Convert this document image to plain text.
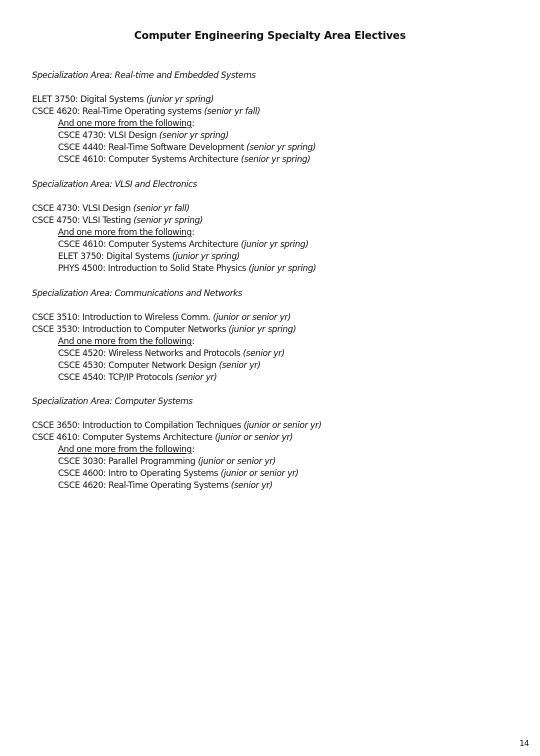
Computer Engineering Specialty Area Electives
Specialization Area: Real-time and Embedded Systems
ELET 3750: Digital Systems (junior yr spring)
CSCE 4620: Real-Time Operating systems (senior yr fall)
And one more from the following:
CSCE 4730: VLSI Design (senior yr spring)
CSCE 4440: Real-Time Software Development (senior yr spring)
CSCE 4610: Computer Systems Architecture (senior yr spring)
Specialization Area: VLSI and Electronics
CSCE 4730: VLSI Design (senior yr fall)
CSCE 4750: VLSI Testing (senior yr spring)
And one more from the following:
CSCE 4610: Computer Systems Architecture (junior yr spring)
ELET 3750: Digital Systems (junior yr spring)
PHYS 4500: Introduction to Solid State Physics (junior yr spring)
Specialization Area: Communications and Networks
CSCE 3510: Introduction to Wireless Comm. (junior or senior yr)
CSCE 3530: Introduction to Computer Networks (junior yr spring)
And one more from the following:
CSCE 4520: Wireless Networks and Protocols (senior yr)
CSCE 4530: Computer Network Design (senior yr)
CSCE 4540: TCP/IP Protocols (senior yr)
Specialization Area: Computer Systems
CSCE 3650: Introduction to Compilation Techniques (junior or senior yr)
CSCE 4610: Computer Systems Architecture (junior or senior yr)
And one more from the following:
CSCE 3030: Parallel Programming (junior or senior yr)
CSCE 4600: Intro to Operating Systems (junior or senior yr)
CSCE 4620: Real-Time Operating Systems (senior yr)
14
